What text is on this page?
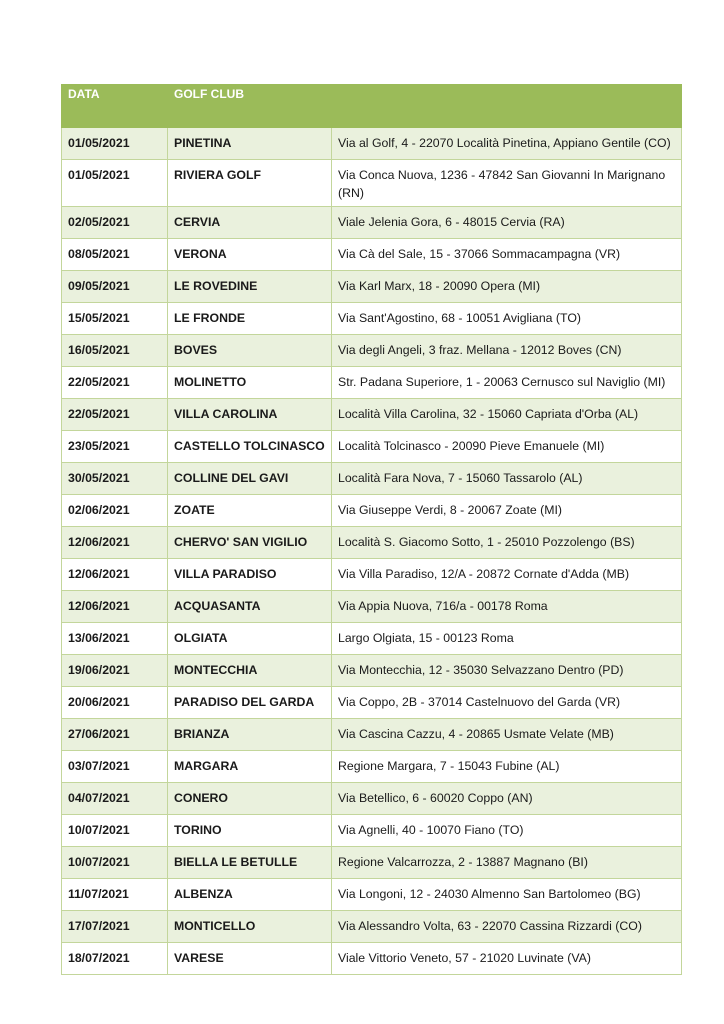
DATA	GOLF CLUB	
01/05/2021	PINETINA	Via al Golf, 4 - 22070 Località Pinetina, Appiano Gentile (CO)
01/05/2021	RIVIERA GOLF	Via Conca Nuova, 1236 - 47842 San Giovanni In Marignano (RN)
02/05/2021	CERVIA	Viale Jelenia Gora, 6 - 48015 Cervia (RA)
08/05/2021	VERONA	Via Cà del Sale, 15 - 37066 Sommacampagna (VR)
09/05/2021	LE ROVEDINE	Via Karl Marx, 18 - 20090 Opera (MI)
15/05/2021	LE FRONDE	Via Sant'Agostino, 68 - 10051 Avigliana (TO)
16/05/2021	BOVES	Via degli Angeli, 3 fraz. Mellana - 12012 Boves (CN)
22/05/2021	MOLINETTO	Str. Padana Superiore, 1 - 20063 Cernusco sul Naviglio (MI)
22/05/2021	VILLA CAROLINA	Località Villa Carolina, 32 - 15060 Capriata d'Orba (AL)
23/05/2021	CASTELLO TOLCINASCO	Località Tolcinasco - 20090 Pieve Emanuele (MI)
30/05/2021	COLLINE DEL GAVI	Località Fara Nova, 7 - 15060 Tassarolo (AL)
02/06/2021	ZOATE	Via Giuseppe Verdi, 8 - 20067 Zoate (MI)
12/06/2021	CHERVO' SAN VIGILIO	Località S. Giacomo Sotto, 1 - 25010 Pozzolengo (BS)
12/06/2021	VILLA PARADISO	Via Villa Paradiso, 12/A - 20872 Cornate d'Adda (MB)
12/06/2021	ACQUASANTA	Via Appia Nuova, 716/a - 00178 Roma
13/06/2021	OLGIATA	Largo Olgiata, 15 - 00123 Roma
19/06/2021	MONTECCHIA	Via Montecchia, 12 - 35030 Selvazzano Dentro (PD)
20/06/2021	PARADISO DEL GARDA	Via Coppo, 2B - 37014 Castelnuovo del Garda (VR)
27/06/2021	BRIANZA	Via Cascina Cazzu, 4 - 20865 Usmate Velate (MB)
03/07/2021	MARGARA	Regione Margara, 7 - 15043 Fubine (AL)
04/07/2021	CONERO	Via Betellico, 6 - 60020 Coppo (AN)
10/07/2021	TORINO	Via Agnelli, 40 - 10070 Fiano (TO)
10/07/2021	BIELLA LE BETULLE	Regione Valcarrozza, 2 - 13887 Magnano (BI)
11/07/2021	ALBENZA	Via Longoni, 12 - 24030 Almenno San Bartolomeo (BG)
17/07/2021	MONTICELLO	Via Alessandro Volta, 63 - 22070 Cassina Rizzardi (CO)
18/07/2021	VARESE	Viale Vittorio Veneto, 57 - 21020 Luvinate (VA)
